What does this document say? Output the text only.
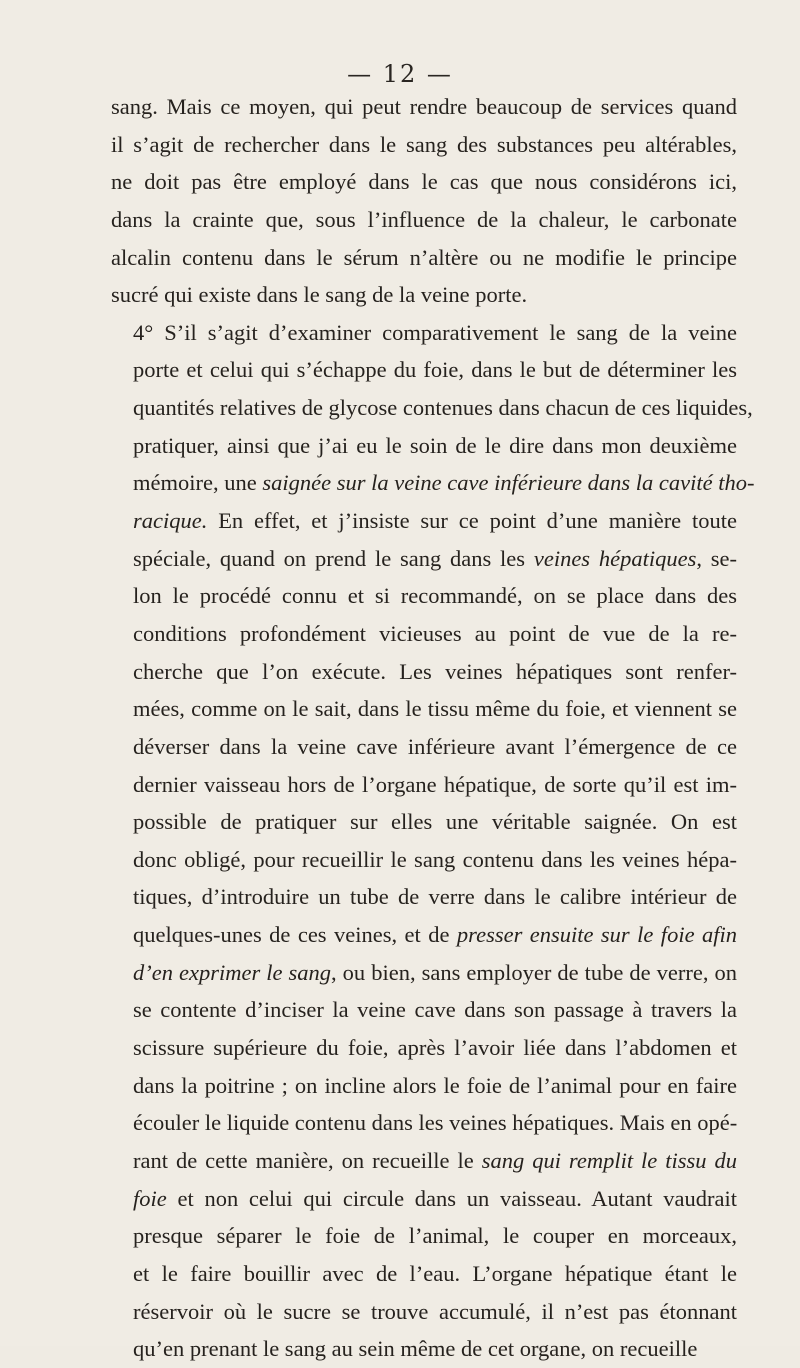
— 12 —

sang. Mais ce moyen, qui peut rendre beaucoup de services quand
il s’agit de rechercher dans le sang des substances peu altérables,
ne doit pas être employé dans le cas que nous considérons ici,
dans la crainte que, sous l’influence de la chaleur, le carbonate
alcalin contenu dans le sérum n’altère ou ne modifie le principe
sucré qui existe dans le sang de la veine porte.

4° S’il s’agit d’examiner comparativement le sang de la veine
porte et celui qui s’échappe du foie, dans le but de déterminer les
quantités relatives de glycose contenues dans chacun de ces liquides,
pratiquer, ainsi que j’ai eu le soin de le dire dans mon deuxième
mémoire, une saignée sur la veine cave inférieure dans la cavité tho-
racique. En effet, et j’insiste sur ce point d’une manière toute
spéciale, quand on prend le sang dans les veines hépatiques, se-
lon le procédé connu et si recommandé, on se place dans des
conditions profondément vicieuses au point de vue de la re-
cherche que l’on exécute. Les veines hépatiques sont renfer-
mées, comme on le sait, dans le tissu même du foie, et viennent se
déverser dans la veine cave inférieure avant l’émergence de ce
dernier vaisseau hors de l’organe hépatique, de sorte qu’il est im-
possible de pratiquer sur elles une véritable saignée. On est
donc obligé, pour recueillir le sang contenu dans les veines hépa-
tiques, d’introduire un tube de verre dans le calibre intérieur de
quelques-unes de ces veines, et de presser ensuite sur le foie afin
d’en exprimer le sang, ou bien, sans employer de tube de verre, on
se contente d’inciser la veine cave dans son passage à travers la
scissure supérieure du foie, après l’avoir liée dans l’abdomen et
dans la poitrine ; on incline alors le foie de l’animal pour en faire
écouler le liquide contenu dans les veines hépatiques. Mais en opé-
rant de cette manière, on recueille le sang qui remplit le tissu du
foie et non celui qui circule dans un vaisseau. Autant vaudrait
presque séparer le foie de l’animal, le couper en morceaux,
et le faire bouillir avec de l’eau. L’organe hépatique étant le
réservoir où le sucre se trouve accumulé, il n’est pas étonnant
qu’en prenant le sang au sein même de cet organe, on recueille
